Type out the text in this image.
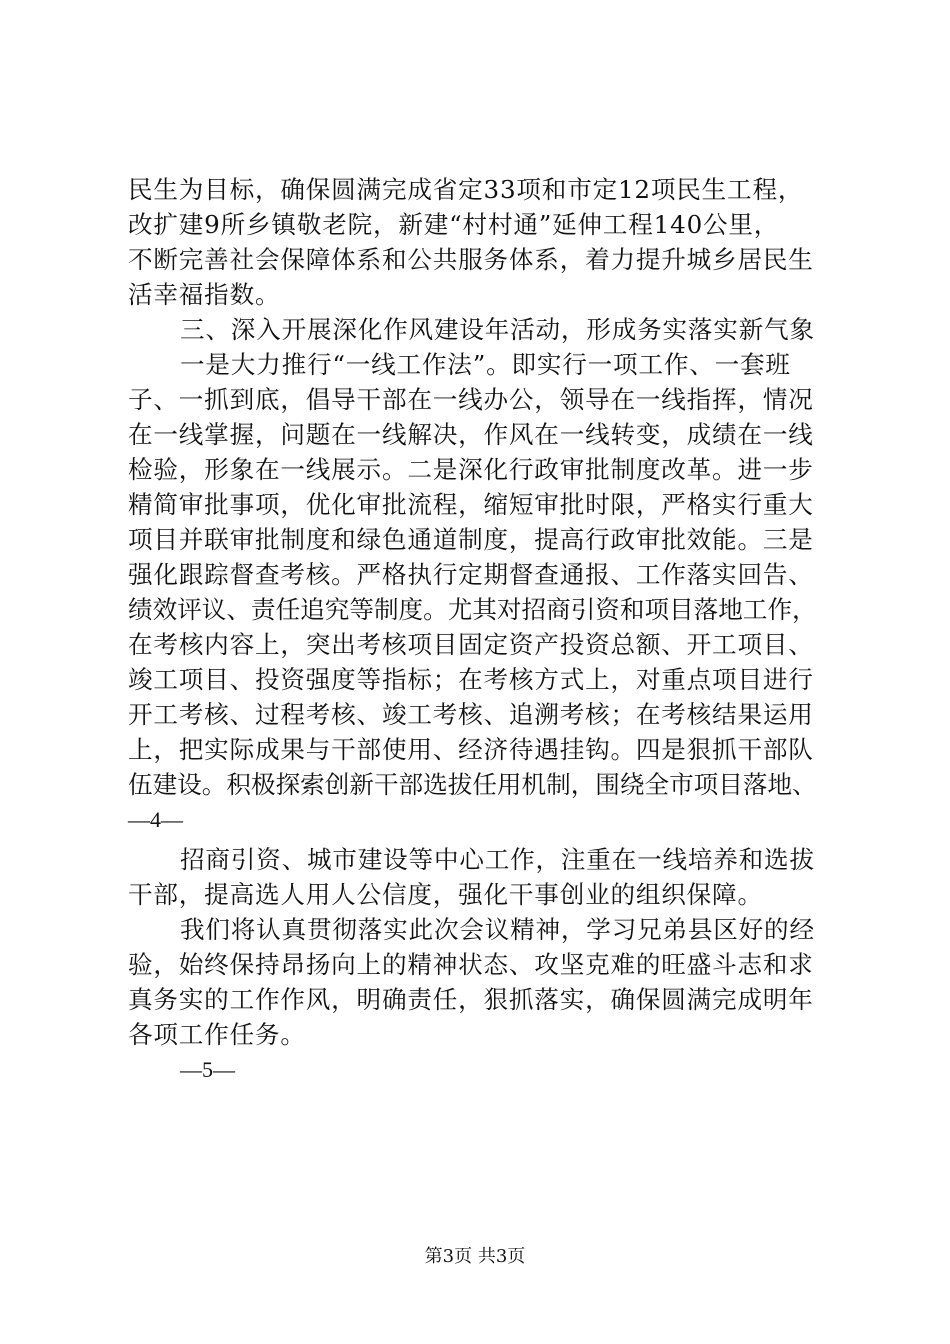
民生为目标，确保圆满完成省定33项和市定12项民生工程，

改扩建9所乡镇敬老院，新建“村村通”延伸工程140公里，

不断完善社会保障体系和公共服务体系，着力提升城乡居民生

活幸福指数。

三、深入开展深化作风建设年活动，形成务实落实新气象

一是大力推行“一线工作法”。即实行一项工作、一套班

子、一抓到底，倡导干部在一线办公，领导在一线指挥，情况

在一线掌握，问题在一线解决，作风在一线转变，成绩在一线

检验，形象在一线展示。二是深化行政审批制度改革。进一步

精简审批事项，优化审批流程，缩短审批时限，严格实行重大

项目并联审批制度和绿色通道制度，提高行政审批效能。三是

强化跟踪督查考核。严格执行定期督查通报、工作落实回告、

绩效评议、责任追究等制度。尤其对招商引资和项目落地工作，

在考核内容上，突出考核项目固定资产投资总额、开工项目、

竣工项目、投资强度等指标；在考核方式上，对重点项目进行

开工考核、过程考核、竣工考核、追溯考核；在考核结果运用

上，把实际成果与干部使用、经济待遇挂钩。四是狠抓干部队

伍建设。积极探索创新干部选拔任用机制，围绕全市项目落地、

—4—

招商引资、城市建设等中心工作，注重在一线培养和选拔

干部，提高选人用人公信度，强化干事创业的组织保障。

我们将认真贯彻落实此次会议精神，学习兄弟县区好的经

验，始终保持昂扬向上的精神状态、攻坚克难的旺盛斗志和求

真务实的工作作风，明确责任，狠抓落实，确保圆满完成明年

各项工作任务。

—5—
第3页 共3页
